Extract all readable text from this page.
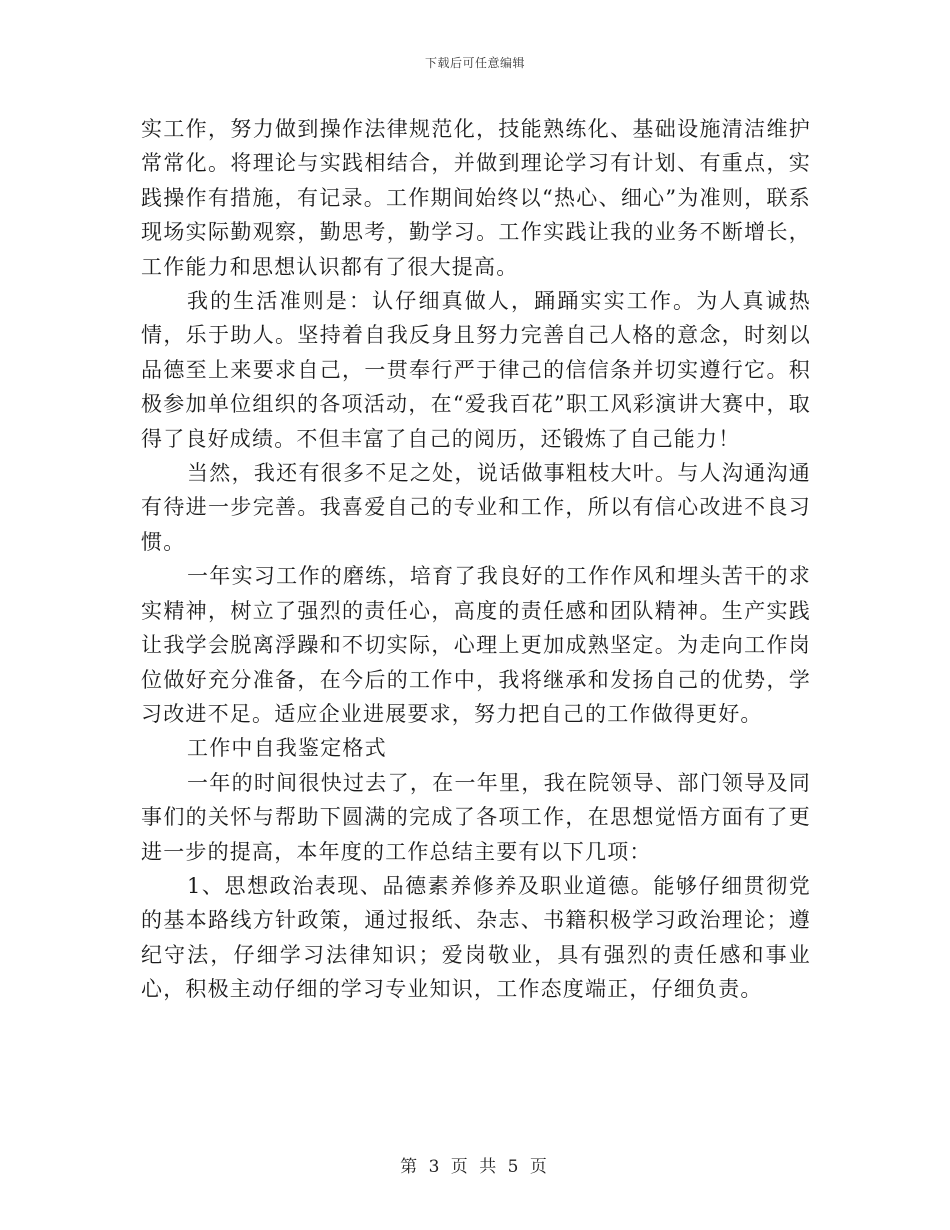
下载后可任意编辑

实工作，努力做到操作法律规范化，技能熟练化、基础设施清洁维护常常化。将理论与实践相结合，并做到理论学习有计划、有重点，实践操作有措施，有记录。工作期间始终以“热心、细心”为准则，联系现场实际勤观察，勤思考，勤学习。工作实践让我的业务不断增长，工作能力和思想认识都有了很大提高。

我的生活准则是：认仔细真做人，踊踊实实工作。为人真诚热情，乐于助人。坚持着自我反身且努力完善自己人格的意念，时刻以品德至上来要求自己，一贯奉行严于律己的信信条并切实遵行它。积极参加单位组织的各项活动，在“爱我百花”职工风彩演讲大赛中，取得了良好成绩。不但丰富了自己的阅历，还锻炼了自己能力！

当然，我还有很多不足之处，说话做事粗枝大叶。与人沟通沟通有待进一步完善。我喜爱自己的专业和工作，所以有信心改进不良习惯。

一年实习工作的磨练，培育了我良好的工作作风和埋头苦干的求实精神，树立了强烈的责任心，高度的责任感和团队精神。生产实践让我学会脱离浮躁和不切实际，心理上更加成熟坚定。为走向工作岗位做好充分准备，在今后的工作中，我将继承和发扬自己的优势，学习改进不足。适应企业进展要求，努力把自己的工作做得更好。

工作中自我鉴定格式

一年的时间很快过去了，在一年里，我在院领导、部门领导及同事们的关怀与帮助下圆满的完成了各项工作，在思想觉悟方面有了更进一步的提高，本年度的工作总结主要有以下几项：

1、思想政治表现、品德素养修养及职业道德。能够仔细贯彻党的基本路线方针政策，通过报纸、杂志、书籍积极学习政治理论；遵纪守法，仔细学习法律知识；爱岗敬业，具有强烈的责任感和事业心，积极主动仔细的学习专业知识，工作态度端正，仔细负责。

第 3 页 共 5 页
